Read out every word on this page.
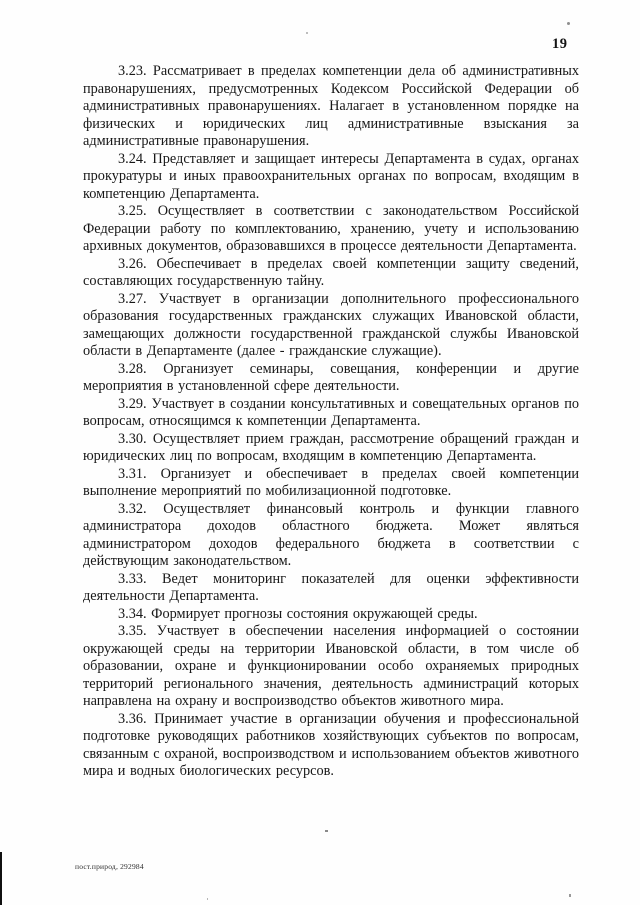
19

3.23. Рассматривает в пределах компетенции дела об административных правонарушениях, предусмотренных Кодексом Российской Федерации об административных правонарушениях. Налагает в установленном порядке на физических и юридических лиц административные взыскания за административные правонарушения.

3.24. Представляет и защищает интересы Департамента в судах, органах прокуратуры и иных правоохранительных органах по вопросам, входящим в компетенцию Департамента.

3.25. Осуществляет в соответствии с законодательством Российской Федерации работу по комплектованию, хранению, учету и использованию архивных документов, образовавшихся в процессе деятельности Департамента.

3.26. Обеспечивает в пределах своей компетенции защиту сведений, составляющих государственную тайну.

3.27. Участвует в организации дополнительного профессионального образования государственных гражданских служащих Ивановской области, замещающих должности государственной гражданской службы Ивановской области в Департаменте (далее - гражданские служащие).

3.28. Организует семинары, совещания, конференции и другие мероприятия в установленной сфере деятельности.

3.29. Участвует в создании консультативных и совещательных органов по вопросам, относящимся к компетенции Департамента.

3.30. Осуществляет прием граждан, рассмотрение обращений граждан и юридических лиц по вопросам, входящим в компетенцию Департамента.

3.31. Организует и обеспечивает в пределах своей компетенции выполнение мероприятий по мобилизационной подготовке.

3.32. Осуществляет финансовый контроль и функции главного администратора доходов областного бюджета. Может являться администратором доходов федерального бюджета в соответствии с действующим законодательством.

3.33. Ведет мониторинг показателей для оценки эффективности деятельности Департамента.

3.34. Формирует прогнозы состояния окружающей среды.

3.35. Участвует в обеспечении населения информацией о состоянии окружающей среды на территории Ивановской области, в том числе об образовании, охране и функционировании особо охраняемых природных территорий регионального значения, деятельность администраций которых направлена на охрану и воспроизводство объектов животного мира.

3.36. Принимает участие в организации обучения и профессиональной подготовке руководящих работников хозяйствующих субъектов по вопросам, связанным с охраной, воспроизводством и использованием объектов животного мира и водных биологических ресурсов.

пост.природ, 292984
